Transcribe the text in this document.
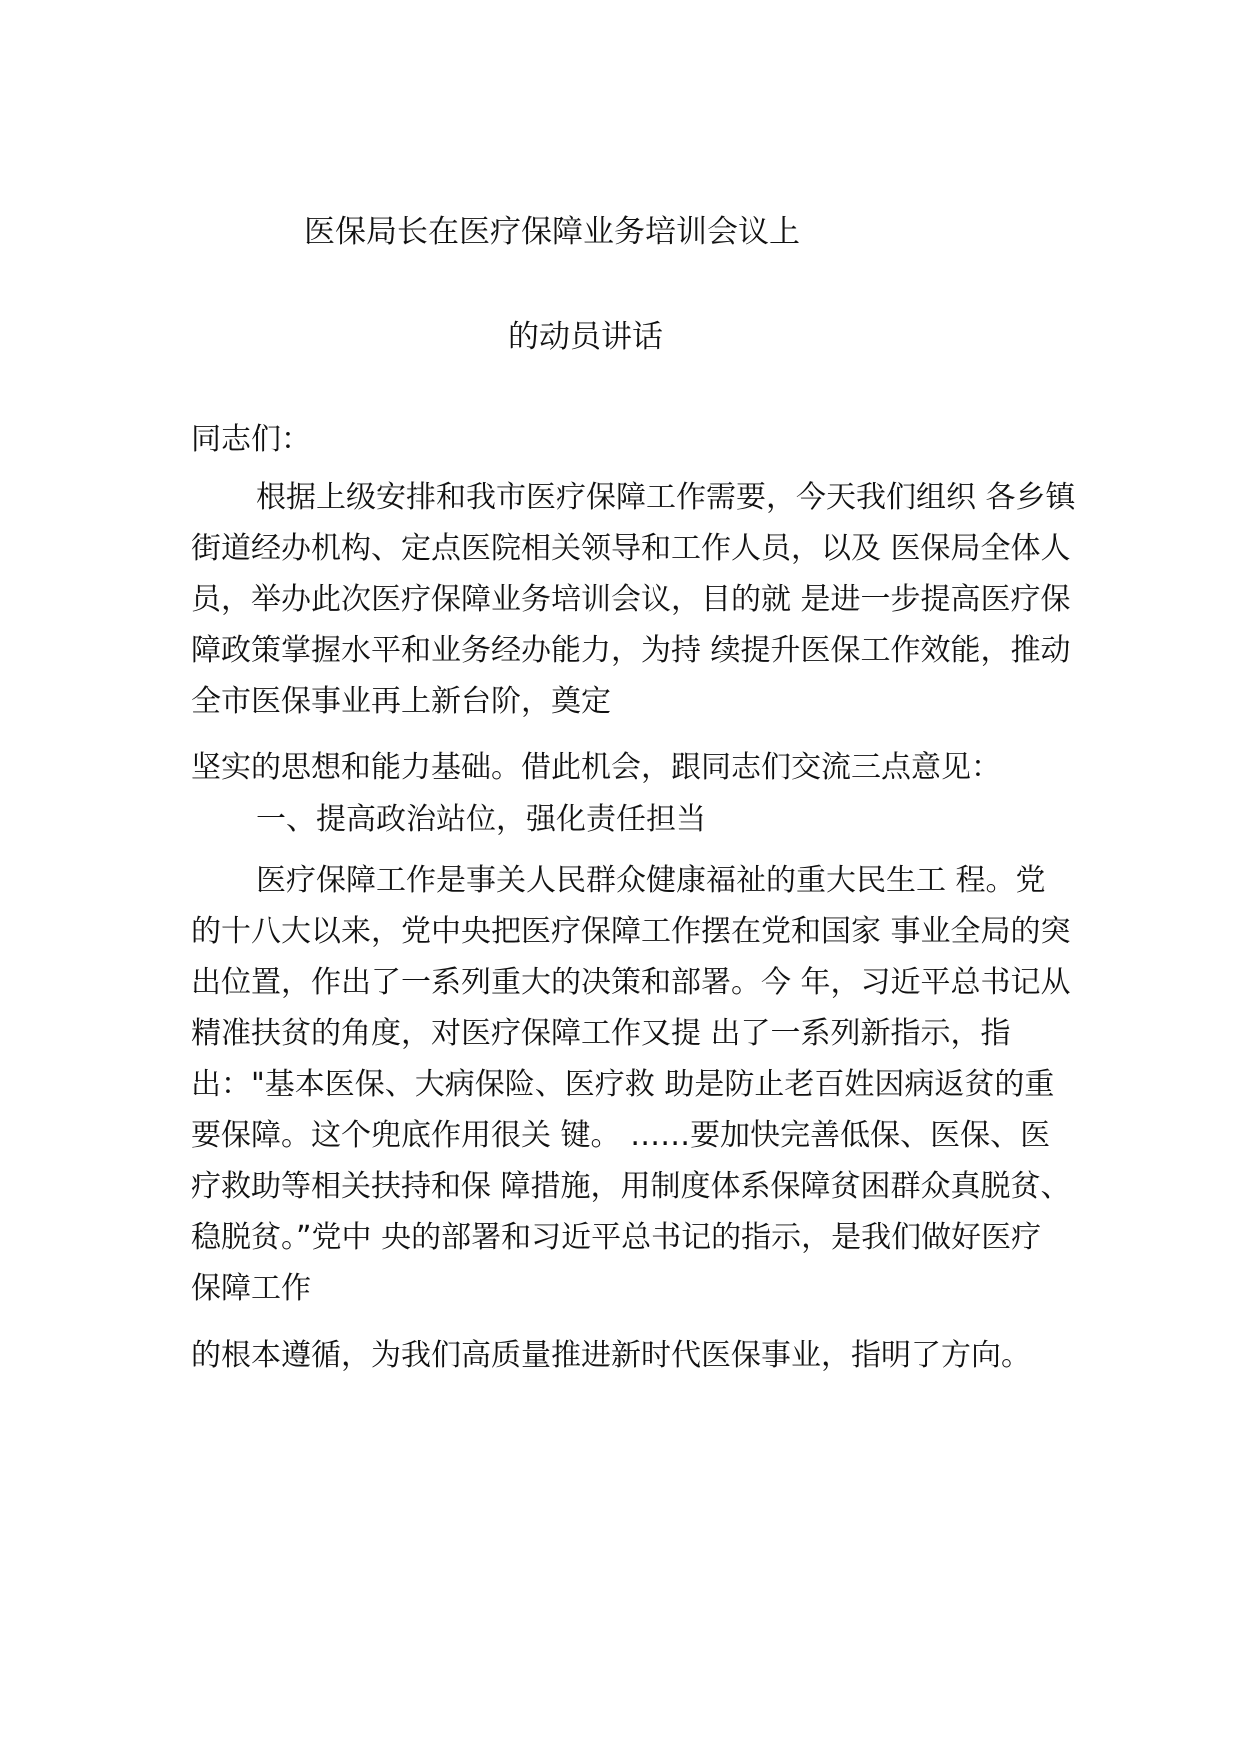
医保局长在医疗保障业务培训会议上
的动员讲话
同志们：
根据上级安排和我市医疗保障工作需要，今天我们组织 各乡镇
街道经办机构、定点医院相关领导和工作人员，以及 医保局全体人
员，举办此次医疗保障业务培训会议，目的就 是进一步提高医疗保
障政策掌握水平和业务经办能力，为持 续提升医保工作效能，推动
全市医保事业再上新台阶，奠定
坚实的思想和能力基础。借此机会，跟同志们交流三点意见：
一、提高政治站位，强化责任担当
医疗保障工作是事关人民群众健康福祉的重大民生工 程。党
的十八大以来，党中央把医疗保障工作摆在党和国家 事业全局的突
出位置，作出了一系列重大的决策和部署。今 年，习近平总书记从
精准扶贫的角度，对医疗保障工作又提 出了一系列新指示，指
出："基本医保、大病保险、医疗救 助是防止老百姓因病返贫的重
要保障。这个兜底作用很关 键。 ……要加快完善低保、医保、医
疗救助等相关扶持和保 障措施，用制度体系保障贫困群众真脱贫、
稳脱贫。”党中 央的部署和习近平总书记的指示，是我们做好医疗
保障工作
的根本遵循，为我们高质量推进新时代医保事业，指明了方向。
